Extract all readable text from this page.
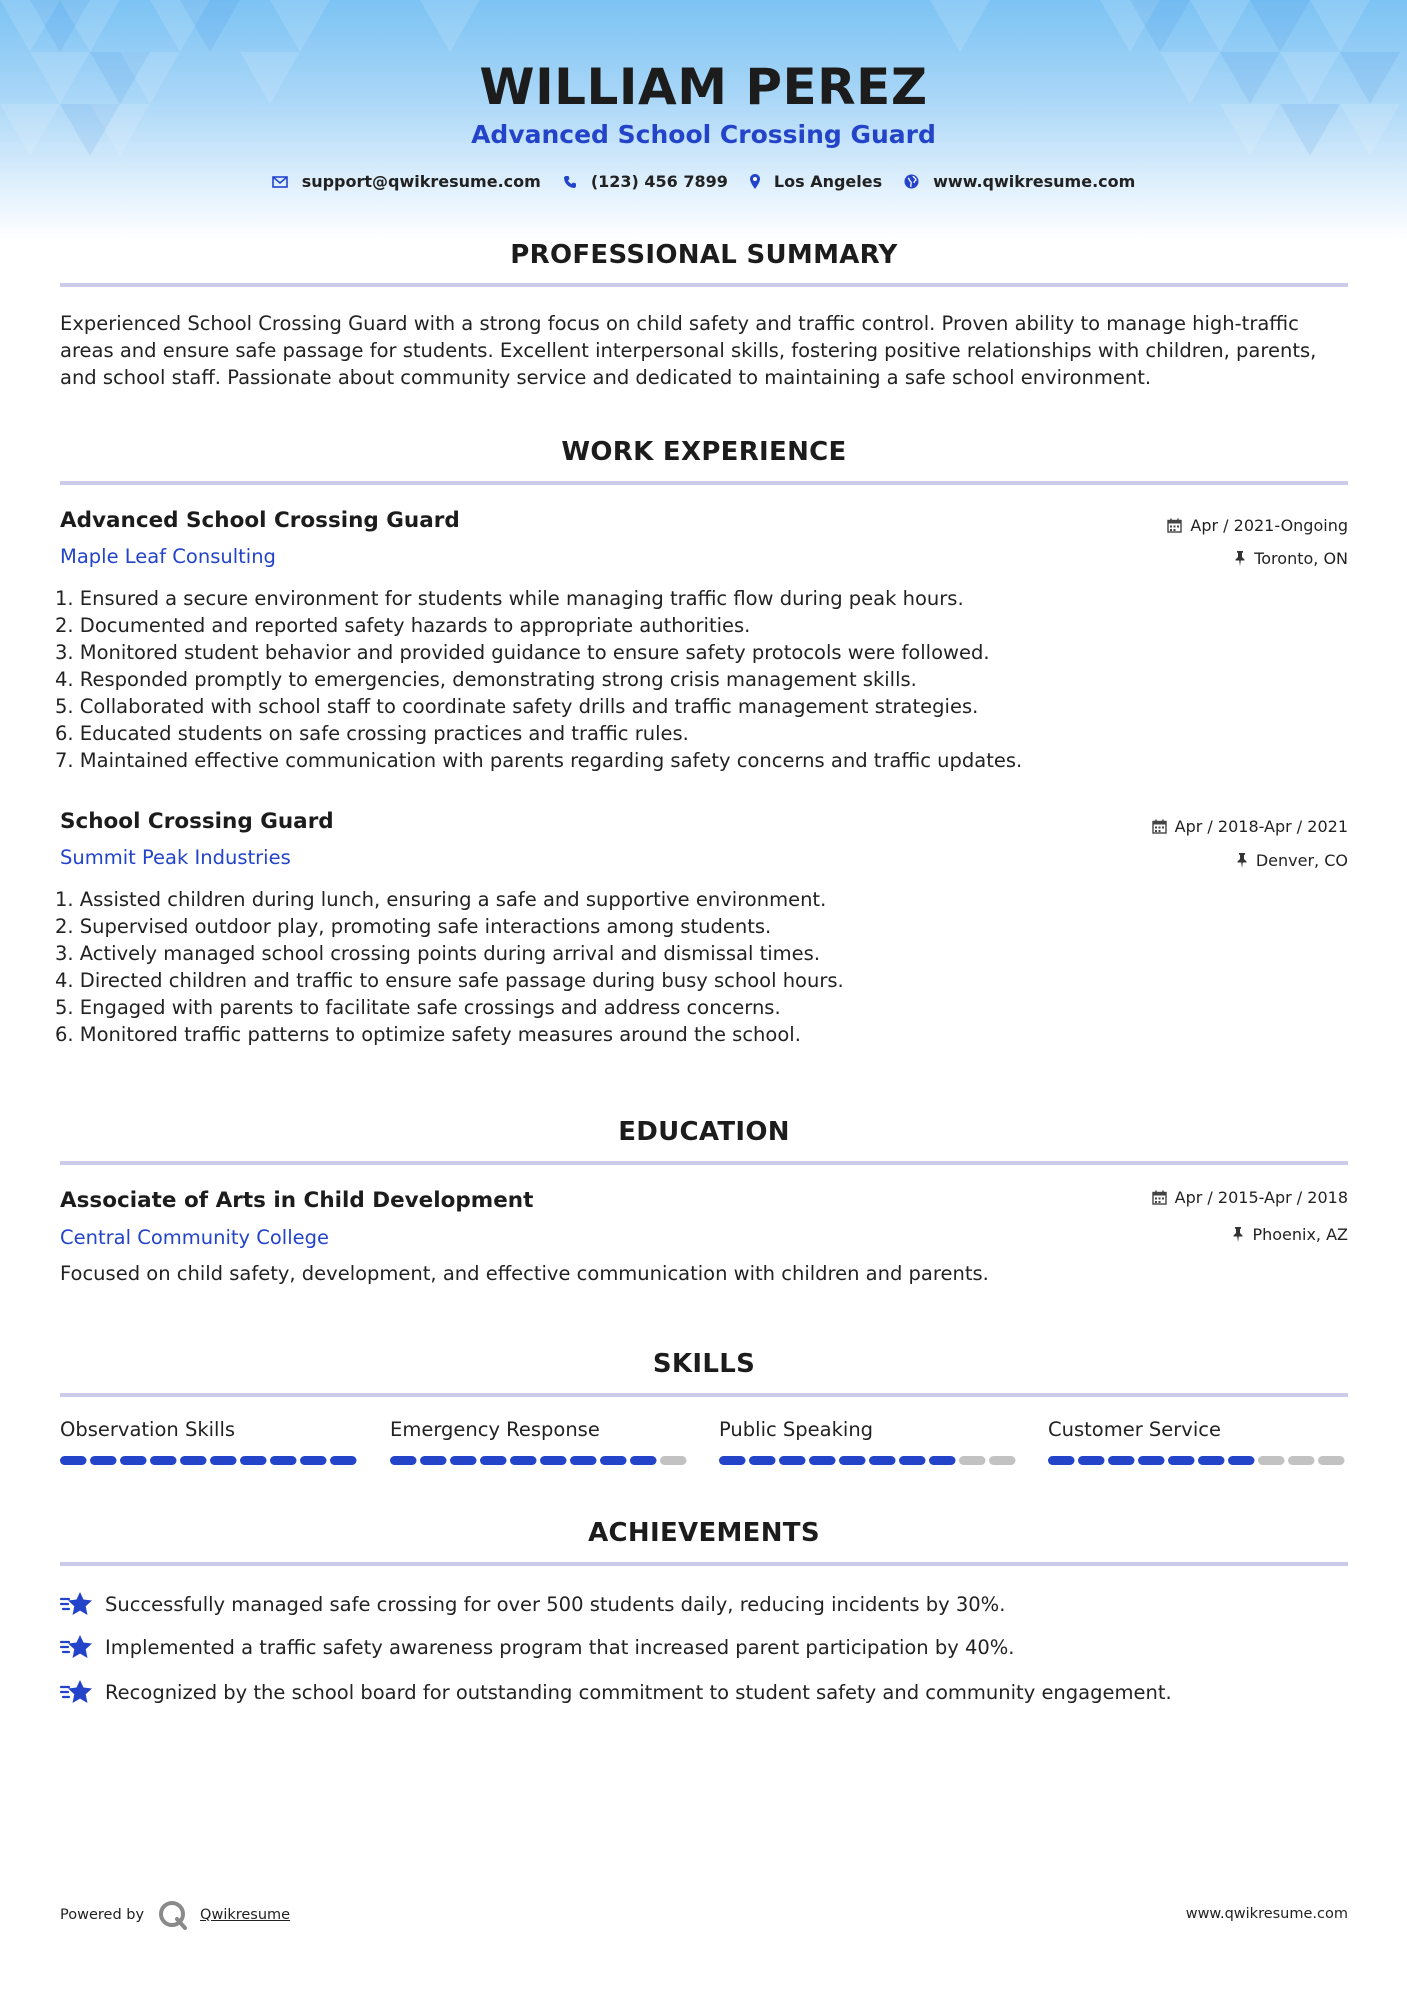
WILLIAM PEREZ
Advanced School Crossing Guard
support@qwikresume.com	(123) 456 7899	Los Angeles	www.qwikresume.com
PROFESSIONAL SUMMARY
Experienced School Crossing Guard with a strong focus on child safety and traffic control. Proven ability to manage high-traffic areas and ensure safe passage for students. Excellent interpersonal skills, fostering positive relationships with children, parents, and school staff. Passionate about community service and dedicated to maintaining a safe school environment.
WORK EXPERIENCE
Advanced School Crossing Guard
Maple Leaf Consulting
Apr / 2021-Ongoing
Toronto, ON
1. Ensured a secure environment for students while managing traffic flow during peak hours.
2. Documented and reported safety hazards to appropriate authorities.
3. Monitored student behavior and provided guidance to ensure safety protocols were followed.
4. Responded promptly to emergencies, demonstrating strong crisis management skills.
5. Collaborated with school staff to coordinate safety drills and traffic management strategies.
6. Educated students on safe crossing practices and traffic rules.
7. Maintained effective communication with parents regarding safety concerns and traffic updates.
School Crossing Guard
Summit Peak Industries
Apr / 2018-Apr / 2021
Denver, CO
1. Assisted children during lunch, ensuring a safe and supportive environment.
2. Supervised outdoor play, promoting safe interactions among students.
3. Actively managed school crossing points during arrival and dismissal times.
4. Directed children and traffic to ensure safe passage during busy school hours.
5. Engaged with parents to facilitate safe crossings and address concerns.
6. Monitored traffic patterns to optimize safety measures around the school.
EDUCATION
Associate of Arts in Child Development
Central Community College
Apr / 2015-Apr / 2018
Phoenix, AZ
Focused on child safety, development, and effective communication with children and parents.
SKILLS
Observation Skills	Emergency Response	Public Speaking	Customer Service
ACHIEVEMENTS
Successfully managed safe crossing for over 500 students daily, reducing incidents by 30%.
Implemented a traffic safety awareness program that increased parent participation by 40%.
Recognized by the school board for outstanding commitment to student safety and community engagement.
Powered by	Qwikresume	www.qwikresume.com
